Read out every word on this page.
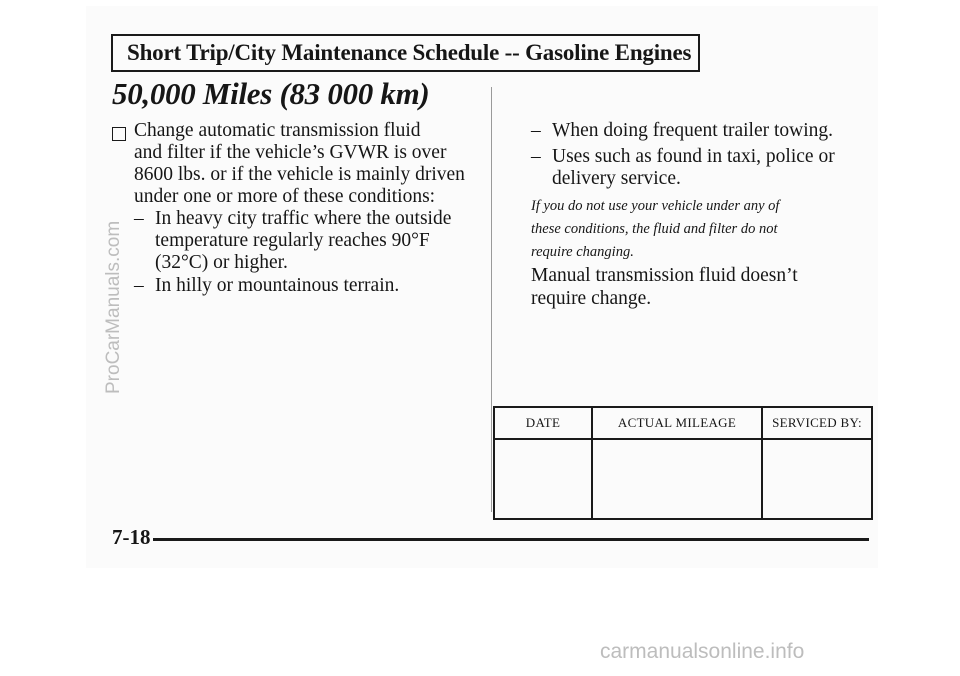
Short Trip/City Maintenance Schedule -- Gasoline Engines
50,000 Miles (83 000 km)
Change automatic transmission fluid
and filter if the vehicle’s GVWR is over
8600 lbs. or if the vehicle is mainly driven
under one or more of these conditions:
– In heavy city traffic where the outside
temperature regularly reaches 90°F
(32°C) or higher.
– In hilly or mountainous terrain.
– When doing frequent trailer towing.
– Uses such as found in taxi, police or
delivery service.
If you do not use your vehicle under any of
these conditions, the fluid and filter do not
require changing.
Manual transmission fluid doesn’t
require change.
DATE	ACTUAL MILEAGE	SERVICED BY:

7-18
ProCarManuals.com
carmanualsonline.info
